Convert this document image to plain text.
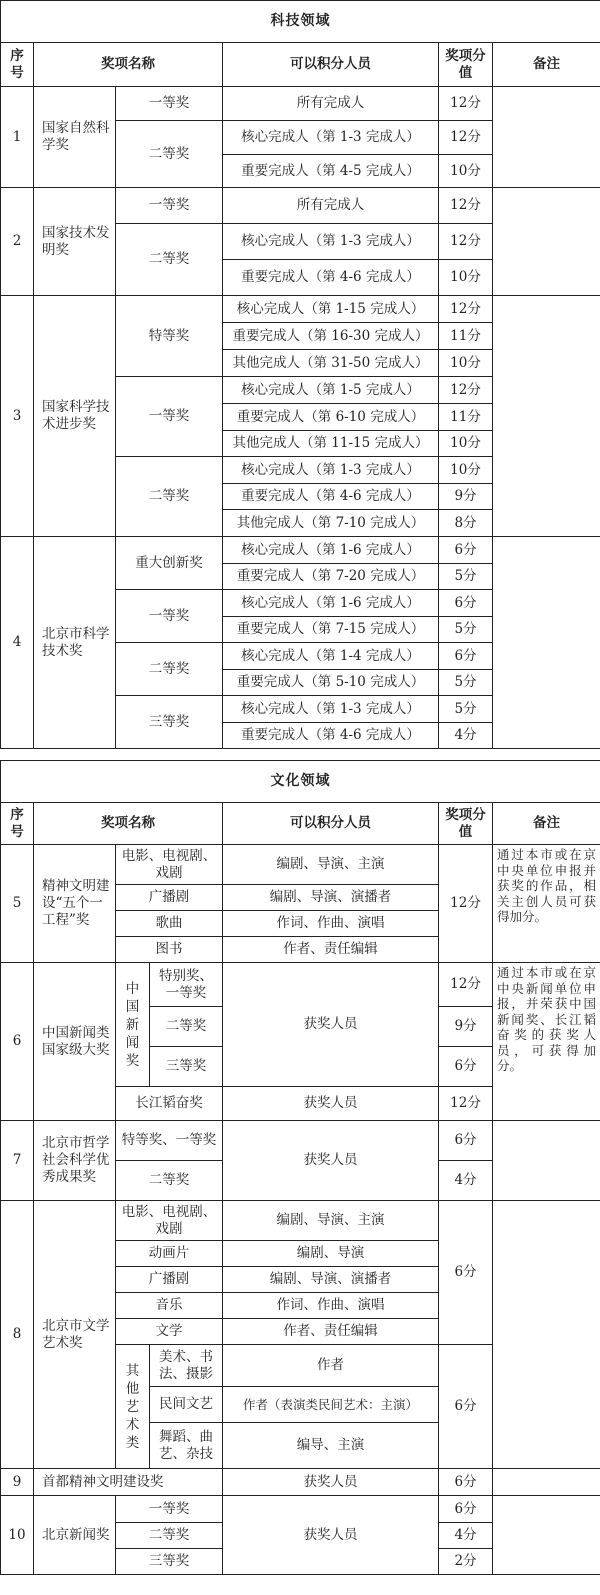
科技领域					
序号	奖项名称		可以积分人员	奖项分值	备注
1	国家自然科学奖	一等奖	所有完成人	12分	
		二等奖	核心完成人（第 1-3 完成人）	12分	
			重要完成人（第 4-5 完成人）	10分	
2	国家技术发明奖	一等奖	所有完成人	12分	
		二等奖	核心完成人（第 1-3 完成人）	12分	
			重要完成人（第 4-6 完成人）	10分	
3	国家科学技术进步奖	特等奖	核心完成人（第 1-15 完成人）	12分	
			重要完成人（第 16-30 完成人）	11分	
			其他完成人（第 31-50 完成人）	10分	
		一等奖	核心完成人（第 1-5 完成人）	12分	
			重要完成人（第 6-10 完成人）	11分	
			其他完成人（第 11-15 完成人）	10分	
		二等奖	核心完成人（第 1-3 完成人）	10分	
			重要完成人（第 4-6 完成人）	9分	
			其他完成人（第 7-10 完成人）	8分	
4	北京市科学技术奖	重大创新奖	核心完成人（第 1-6 完成人）	6分	
			重要完成人（第 7-20 完成人）	5分	
		一等奖	核心完成人（第 1-6 完成人）	6分	
			重要完成人（第 7-15 完成人）	5分	
		二等奖	核心完成人（第 1-4 完成人）	6分	
			重要完成人（第 5-10 完成人）	5分	
		三等奖	核心完成人（第 1-3 完成人）	5分	
			重要完成人（第 4-6 完成人）	4分	
文化领域						
序号	奖项名称			可以积分人员	奖项分值	备注
5	精神文明建设“五个一工程”奖	电影、电视剧、戏剧		编剧、导演、主演	12分	通过本市或在京中央单位申报并获奖的作品，相关主创人员可获得加分。
		广播剧		编剧、导演、演播者		
		歌曲		作词、作曲、演唱		
		图书		作者、责任编辑		
6	中国新闻类国家级大奖	中国新闻奖	特别奖、一等奖	获奖人员	12分	通过本市或在京中央新闻单位申报，并荣获中国新闻奖、长江韬奋奖的获奖人员，可获得加分。
			二等奖		9分	
			三等奖		6分	
		长江韬奋奖		获奖人员	12分	
7	北京市哲学社会科学优秀成果奖	特等奖、一等奖		获奖人员	6分	
		二等奖			4分	
8	北京市文学艺术奖	电影、电视剧、戏剧		编剧、导演、主演	6分	
		动画片		编剧、导演		
		广播剧		编剧、导演、演播者		
		音乐		作词、作曲、演唱		
		文学		作者、责任编辑		
		其他艺术类	美术、书法、摄影	作者	6分	
			民间文艺	作者（表演类民间艺术：主演）		
			舞蹈、曲艺、杂技	编导、主演		
9	首都精神文明建设奖			获奖人员	6分	
10	北京新闻奖	一等奖		获奖人员	6分	
		二等奖			4分	
		三等奖			2分	
